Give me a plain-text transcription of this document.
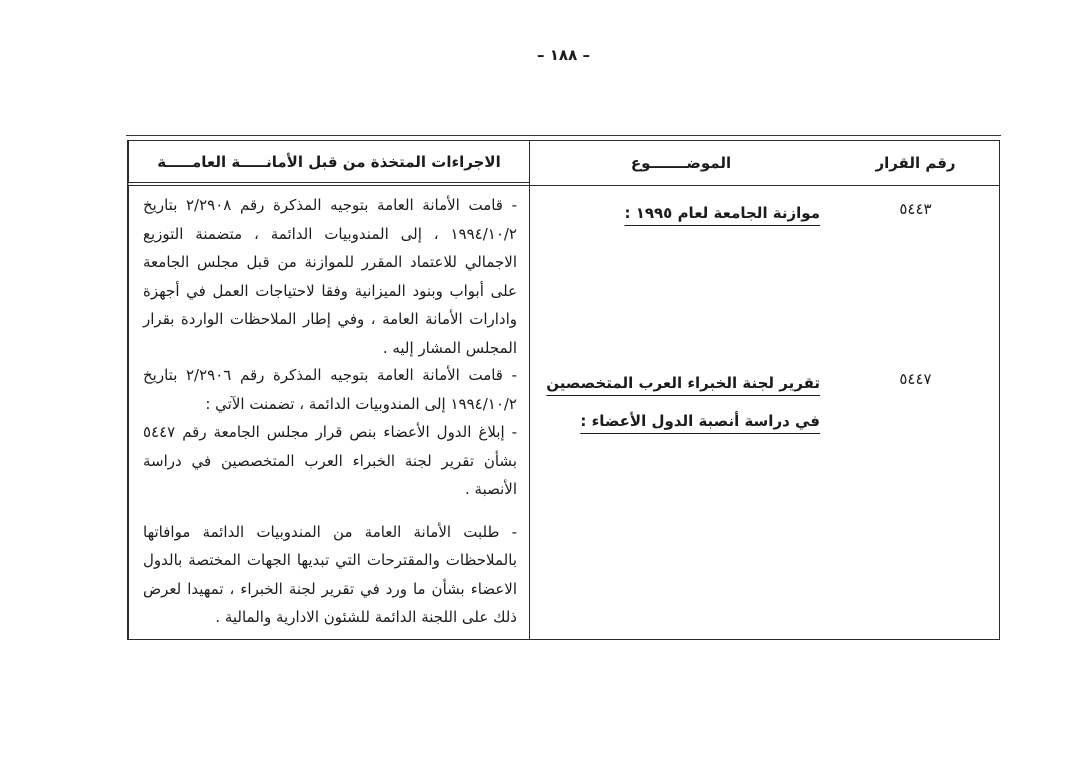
– ١٨٨ –
رقم القرار
الموضـــــــوع
الاجراءات المتخذة من قبل الأمانـــــة العامـــــة
٥٤٤٣
موازنة الجامعة لعام ١٩٩٥ :

- قامت الأمانة العامة بتوجيه المذكرة رقم ٢/٢٩٠٨ بتاريخ ١٩٩٤/١٠/٢ ، إلى المندوبيات الدائمة ، متضمنة التوزيع الاجمالي للاعتماد المقرر للموازنة من قبل مجلس الجامعة على أبواب وبنود الميزانية وفقا لاحتياجات العمل في أجهزة وادارات الأمانة العامة ، وفي إطار الملاحظات الواردة بقرار المجلس المشار إليه .

٥٤٤٧
تقرير لجنة الخبراء العرب المتخصصين في دراسة أنصبة الدول الأعضاء :

- قامت الأمانة العامة بتوجيه المذكرة رقم ٢/٢٩٠٦ بتاريخ ١٩٩٤/١٠/٢ إلى المندوبيات الدائمة ، تضمنت الآتي :

- إبلاغ الدول الأعضاء بنص قرار مجلس الجامعة رقم ٥٤٤٧ بشأن تقرير لجنة الخبراء العرب المتخصصين في دراسة الأنصبة .

- طلبت الأمانة العامة من المندوبيات الدائمة موافاتها بالملاحظات والمقترحات التي تبديها الجهات المختصة بالدول الاعضاء بشأن ما ورد في تقرير لجنة الخبراء ، تمهيدا لعرض ذلك على اللجنة الدائمة للشئون الادارية والمالية .
